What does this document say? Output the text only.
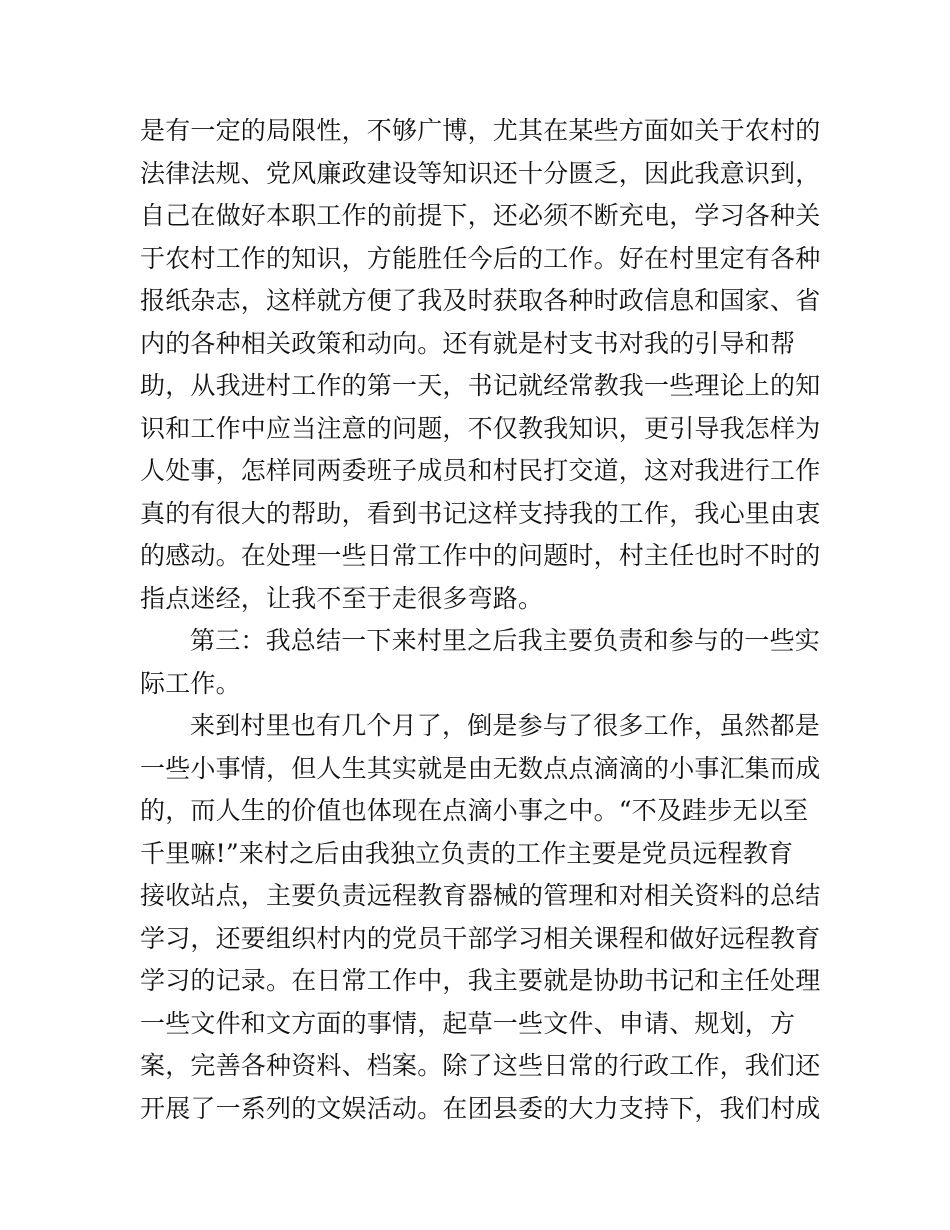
是有一定的局限性，不够广博，尤其在某些方面如关于农村的
法律法规、党风廉政建设等知识还十分匮乏，因此我意识到，
自己在做好本职工作的前提下，还必须不断充电，学习各种关
于农村工作的知识，方能胜任今后的工作。好在村里定有各种
报纸杂志，这样就方便了我及时获取各种时政信息和国家、省
内的各种相关政策和动向。还有就是村支书对我的引导和帮
助，从我进村工作的第一天，书记就经常教我一些理论上的知
识和工作中应当注意的问题，不仅教我知识，更引导我怎样为
人处事，怎样同两委班子成员和村民打交道，这对我进行工作
真的有很大的帮助，看到书记这样支持我的工作，我心里由衷
的感动。在处理一些日常工作中的问题时，村主任也时不时的
指点迷经，让我不至于走很多弯路。
第三：我总结一下来村里之后我主要负责和参与的一些实
际工作。
来到村里也有几个月了，倒是参与了很多工作，虽然都是
一些小事情，但人生其实就是由无数点点滴滴的小事汇集而成
的，而人生的价值也体现在点滴小事之中。“不及跬步无以至
千里嘛!”来村之后由我独立负责的工作主要是党员远程教育
接收站点，主要负责远程教育器械的管理和对相关资料的总结
学习，还要组织村内的党员干部学习相关课程和做好远程教育
学习的记录。在日常工作中，我主要就是协助书记和主任处理
一些文件和文方面的事情，起草一些文件、申请、规划，方
案，完善各种资料、档案。除了这些日常的行政工作，我们还
开展了一系列的文娱活动。在团县委的大力支持下，我们村成
